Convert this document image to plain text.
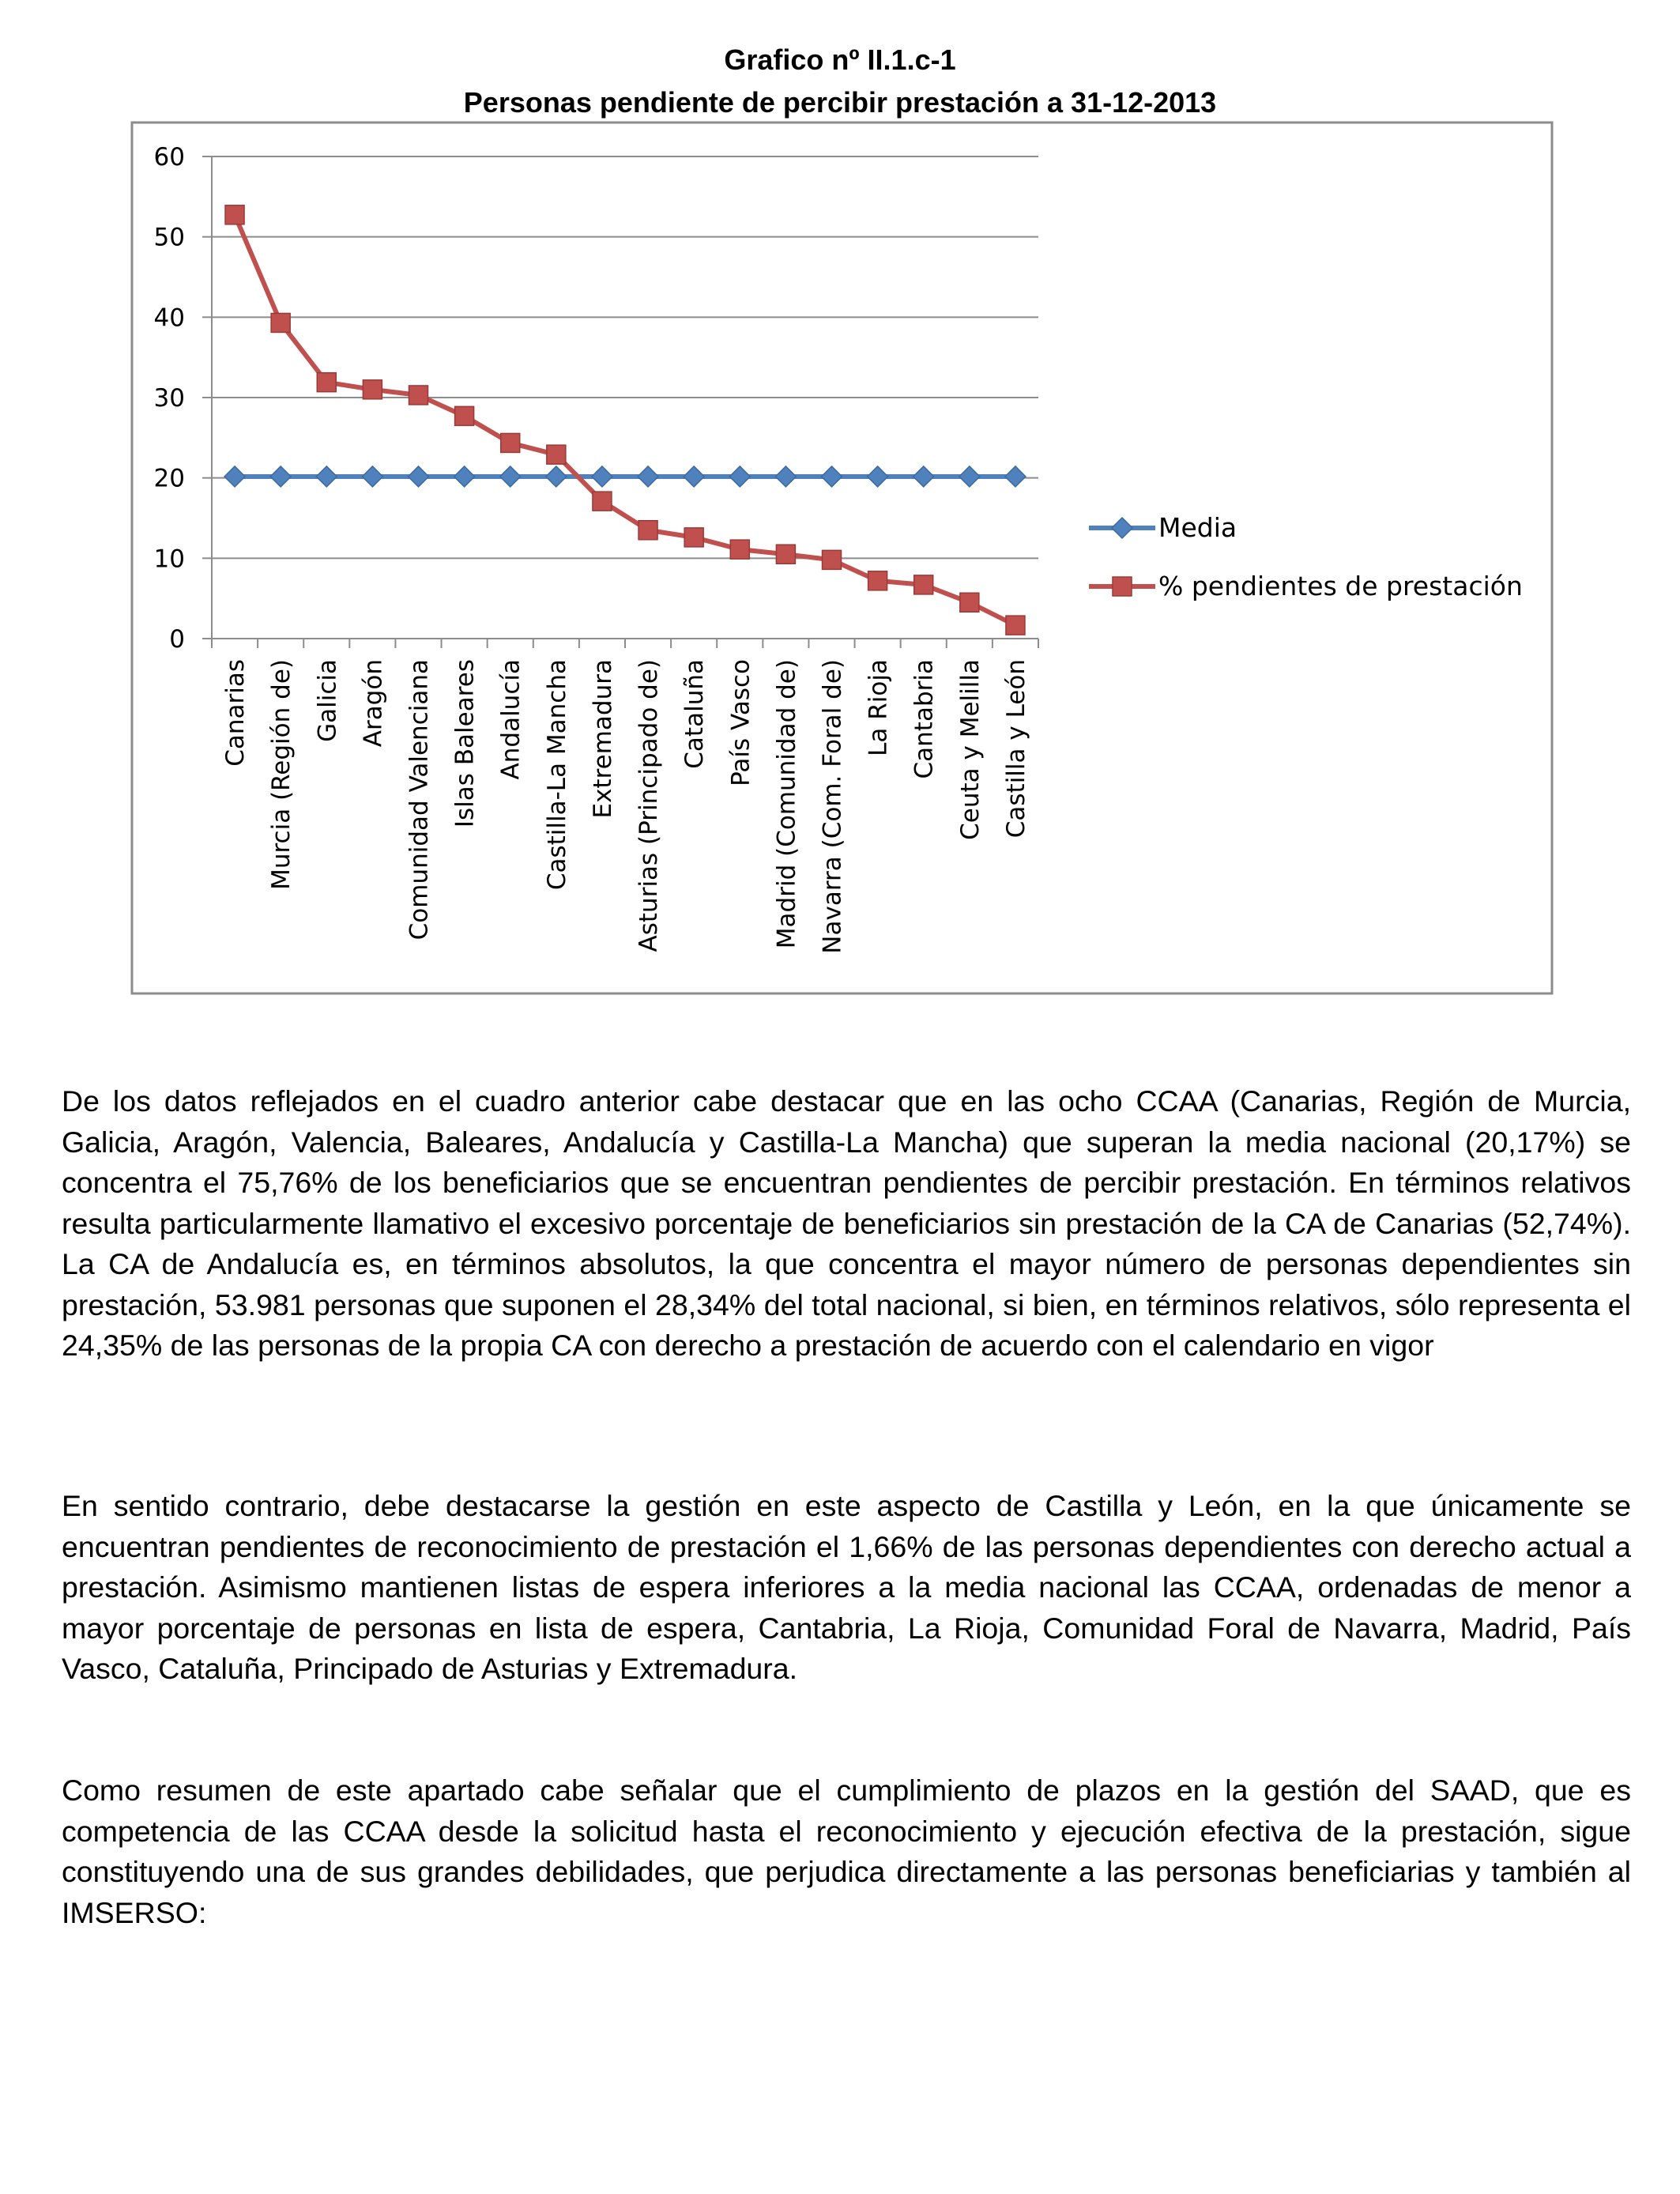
Grafico nº II.1.c-1
Personas pendiente de percibir prestación a 31-12-2013
0
10
20
30
40
50
60
Canarias Murcia (Región de) Galicia Aragón Comunidad Valenciana Islas Baleares Andalucía Castilla-La Mancha Extremadura Asturias (Principado de) Cataluña País Vasco Madrid (Comunidad de) Navarra (Com. Foral de) La Rioja Cantabria Ceuta y Melilla Castilla y León
Media
% pendientes de prestación

De los datos reflejados en el cuadro anterior cabe destacar que en las ocho CCAA (Canarias, Región de Murcia, Galicia, Aragón, Valencia, Baleares, Andalucía y Castilla-La Mancha) que superan la media nacional (20,17%) se concentra el 75,76% de los beneficiarios que se encuentran pendientes de percibir prestación. En términos relativos resulta particularmente llamativo el excesivo porcentaje de beneficiarios sin prestación de la CA de Canarias (52,74%). La CA de Andalucía es, en términos absolutos, la que concentra el mayor número de personas dependientes sin prestación, 53.981 personas que suponen el 28,34% del total nacional, si bien, en términos relativos, sólo representa el 24,35% de las personas de la propia CA con derecho a prestación de acuerdo con el calendario en vigor

En sentido contrario, debe destacarse la gestión en este aspecto de Castilla y León, en la que únicamente se encuentran pendientes de reconocimiento de prestación el 1,66% de las personas dependientes con derecho actual a prestación. Asimismo mantienen listas de espera inferiores a la media nacional las CCAA, ordenadas de menor a mayor porcentaje de personas en lista de espera, Cantabria, La Rioja, Comunidad Foral de Navarra, Madrid, País Vasco, Cataluña, Principado de Asturias y Extremadura.

Como resumen de este apartado cabe señalar que el cumplimiento de plazos en la gestión del SAAD, que es competencia de las CCAA desde la solicitud hasta el reconocimiento y ejecución efectiva de la prestación, sigue constituyendo una de sus grandes debilidades, que perjudica directamente a las personas beneficiarias y también al IMSERSO:
